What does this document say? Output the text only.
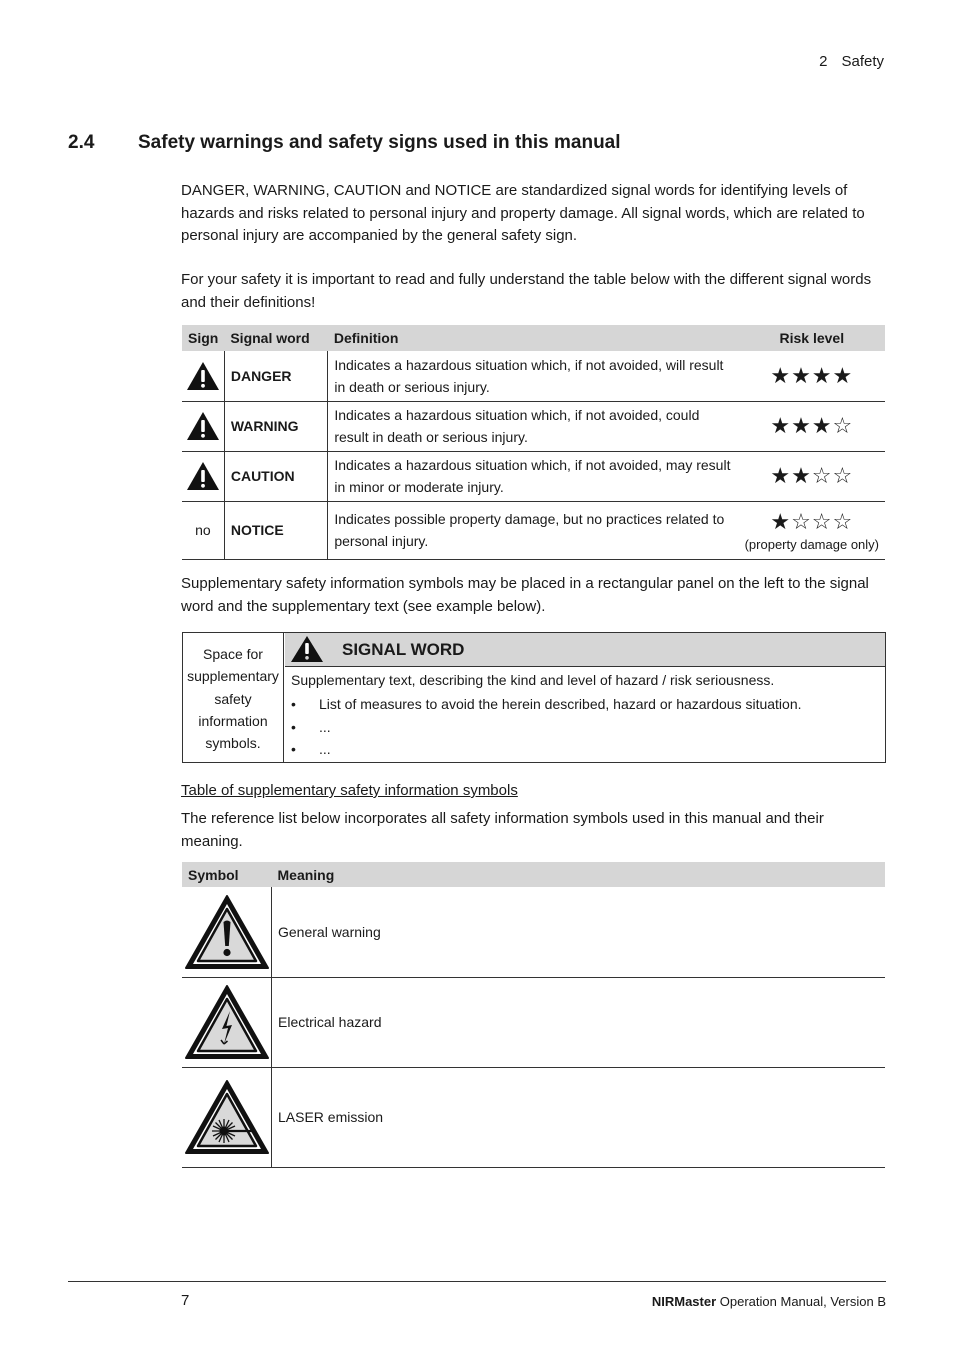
2 Safety
2.4 Safety warnings and safety signs used in this manual
DANGER, WARNING, CAUTION and NOTICE are standardized signal words for identifying levels of hazards and risks related to personal injury and property damage. All signal words, which are related to personal injury are accompanied by the general safety sign.
For your safety it is important to read and fully understand the table below with the different signal words and their definitions!
Sign	Signal word	Definition	Risk level

	DANGER	Indicates a hazardous situation which, if not avoided, will result in death or serious injury.	★★★★

	WARNING	Indicates a hazardous situation which, if not avoided, could result in death or serious injury.	★★★☆

	CAUTION	Indicates a hazardous situation which, if not avoided, may result in minor or moderate injury.	★★☆☆
no	NOTICE	Indicates possible property damage, but no practices related to personal injury.	★☆☆☆
(property damage only)
Supplementary safety information symbols may be placed in a rectangular panel on the left to the signal word and the supplementary text (see example below).
Space for supplementary safety information symbols.
SIGNAL WORD
Supplementary text, describing the kind and level of hazard / risk seriousness.
• List of measures to avoid the herein described, hazard or hazardous situation.
• ...
• ...
Table of supplementary safety information symbols
The reference list below incorporates all safety information symbols used in this manual and their meaning.
Symbol	Meaning

	General warning

	Electrical hazard

	LASER emission
7	NIRMaster Operation Manual, Version B
